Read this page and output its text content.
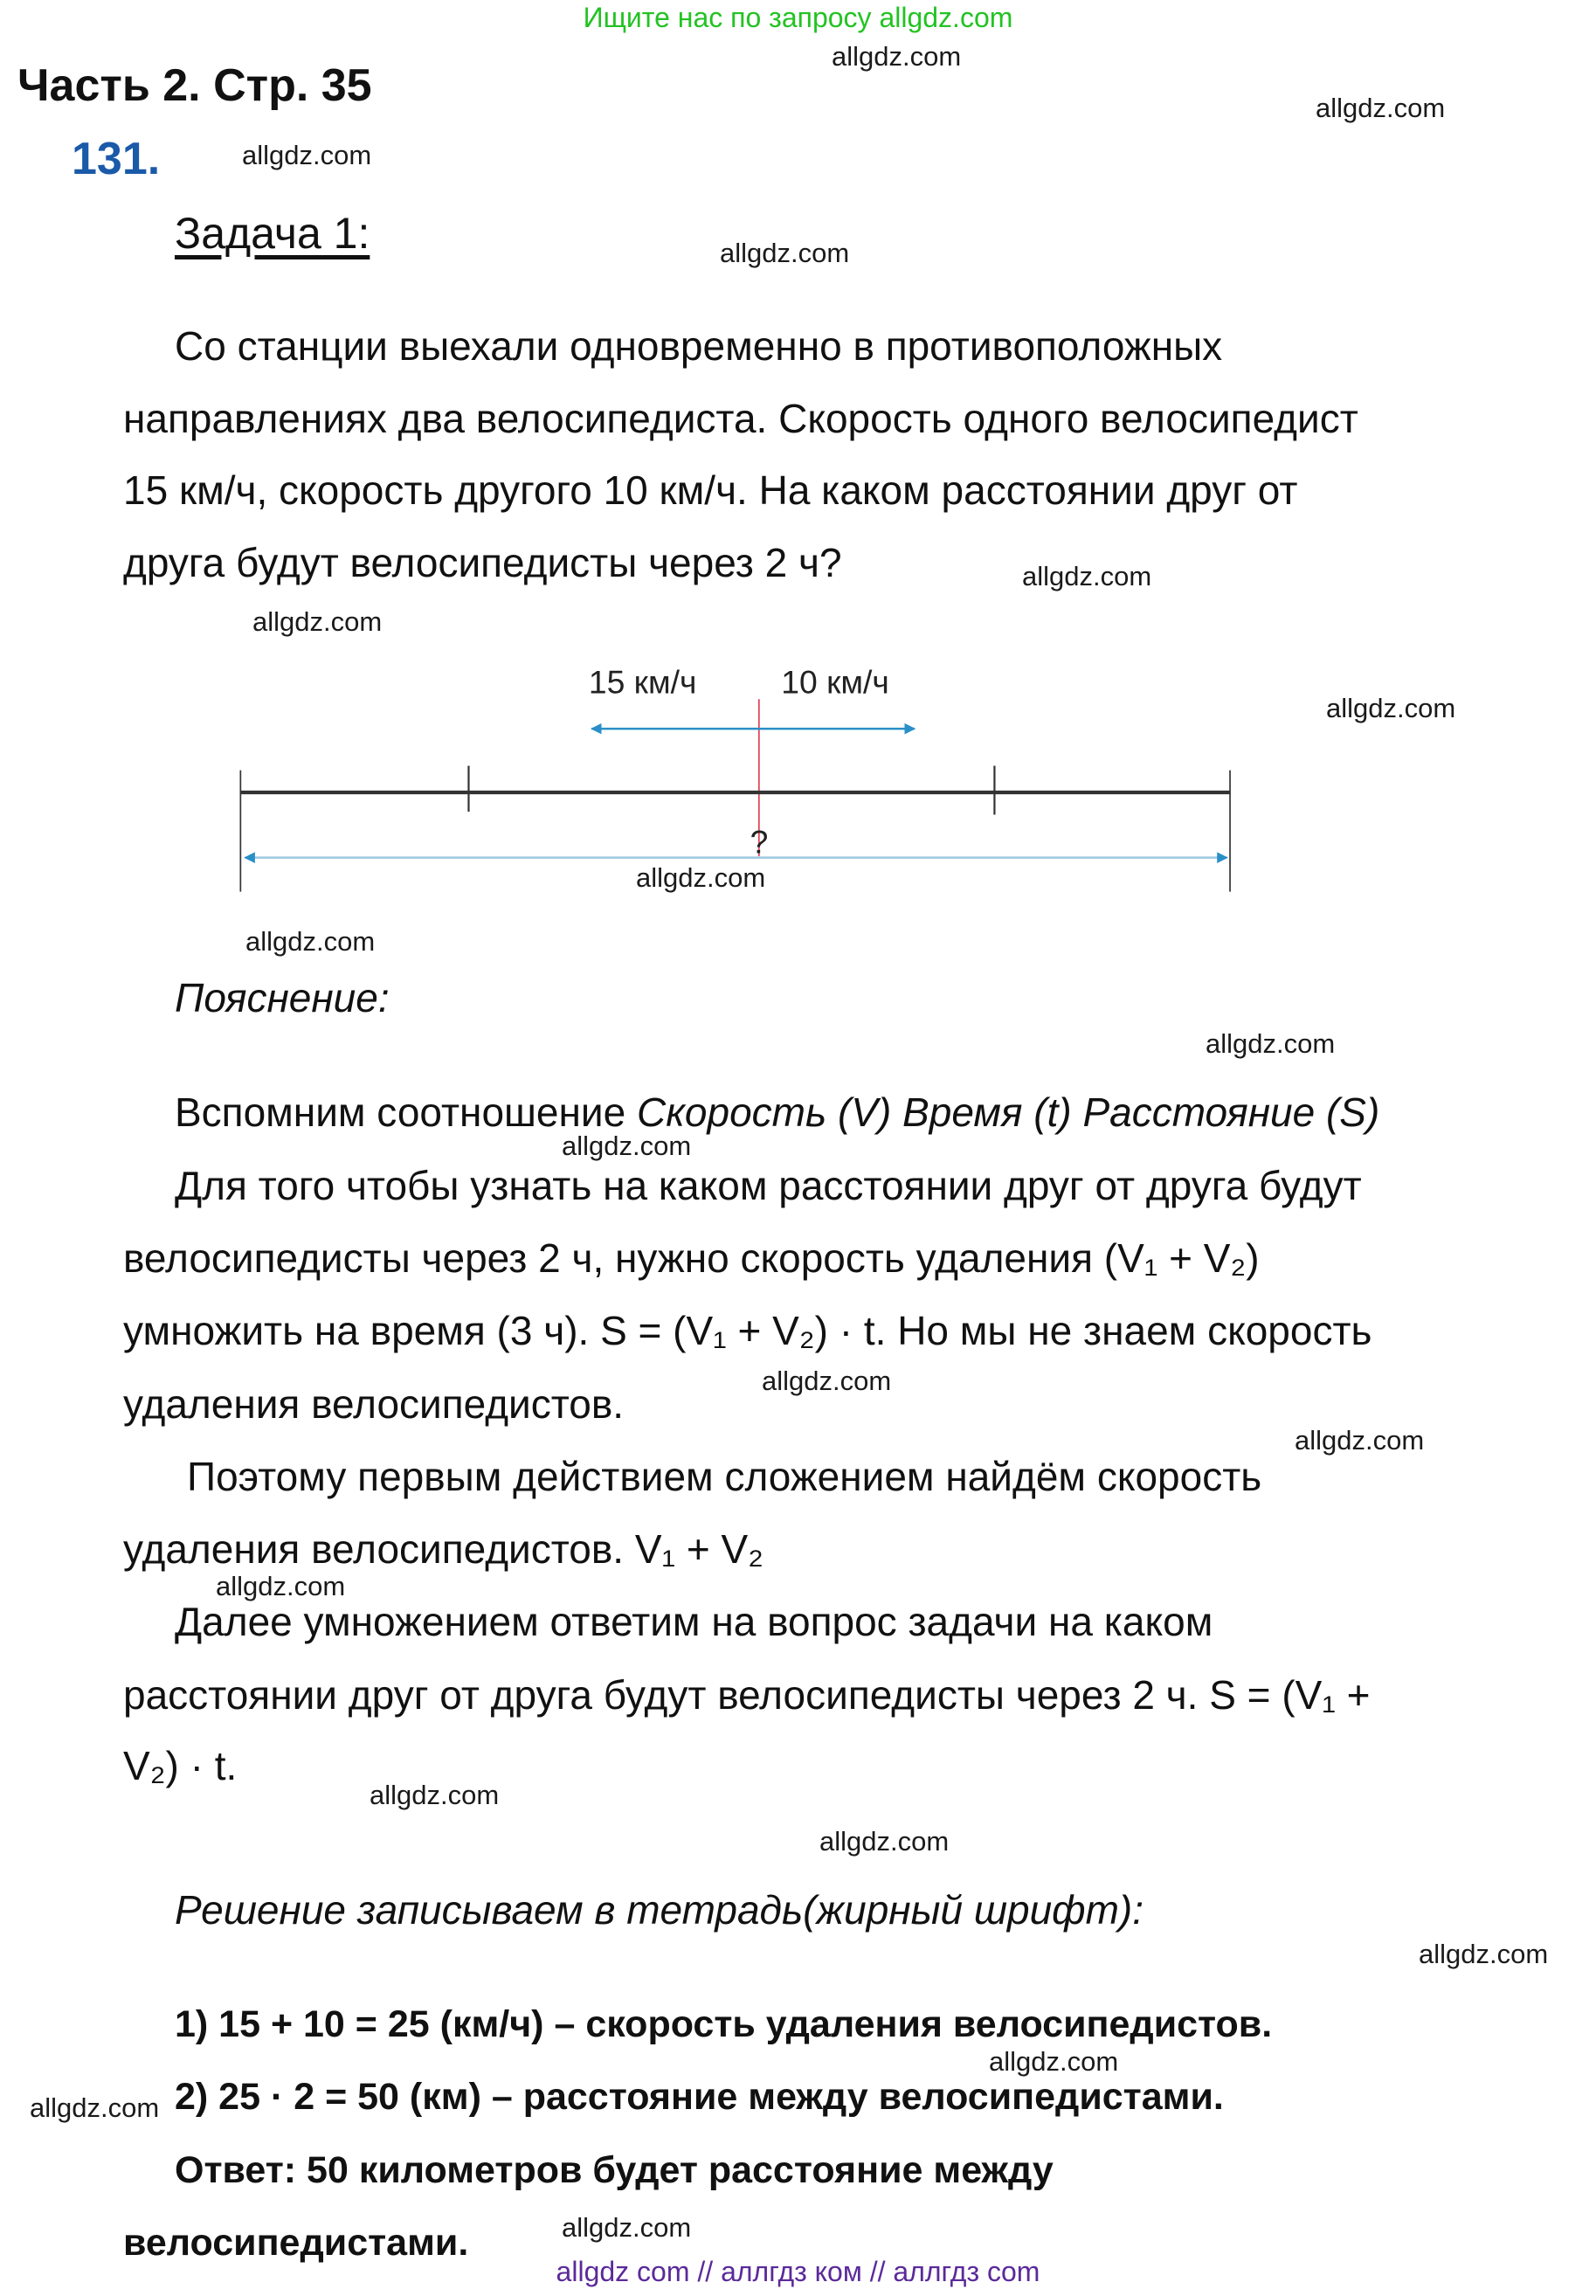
Ищите нас по запросу allgdz.com
allgdz.com
allgdz.com
allgdz.com
allgdz.com
allgdz.com
allgdz.com
allgdz.com
allgdz.com
allgdz.com
allgdz.com
allgdz.com
allgdz.com
allgdz.com
allgdz.com
allgdz.com
allgdz.com
allgdz.com
allgdz.com
allgdz.com
allgdz.com
Часть 2. Стр. 35
131.
Задача 1:
Со станции выехали одновременно в противоположных
направлениях два велосипедиста. Скорость одного велосипедист
15 км/ч, скорость другого 10 км/ч. На каком расстоянии друг от
друга будут велосипедисты через 2 ч?
15 км/ч	10 км/ч
?
Пояснение:
Вспомним соотношение Скорость (V) Время (t) Расстояние (S)
Для того чтобы узнать на каком расстоянии друг от друга будут
велосипедисты через 2 ч, нужно скорость удаления (V₁ + V₂)
умножить на время (3 ч). S = (V₁ + V₂) · t. Но мы не знаем скорость
удаления велосипедистов.
Поэтому первым действием сложением найдём скорость
удаления велосипедистов. V₁ + V₂
Далее умножением ответим на вопрос задачи на каком
расстоянии друг от друга будут велосипедисты через 2 ч. S = (V₁ +
V₂) · t.
Решение записываем в тетрадь(жирный шрифт):
1) 15 + 10 = 25 (км/ч) – скорость удаления велосипедистов.
2) 25 · 2 = 50 (км) – расстояние между велосипедистами.
Ответ: 50 километров будет расстояние между
велосипедистами.
allgdz com // аллгдз ком // аллгдз com
